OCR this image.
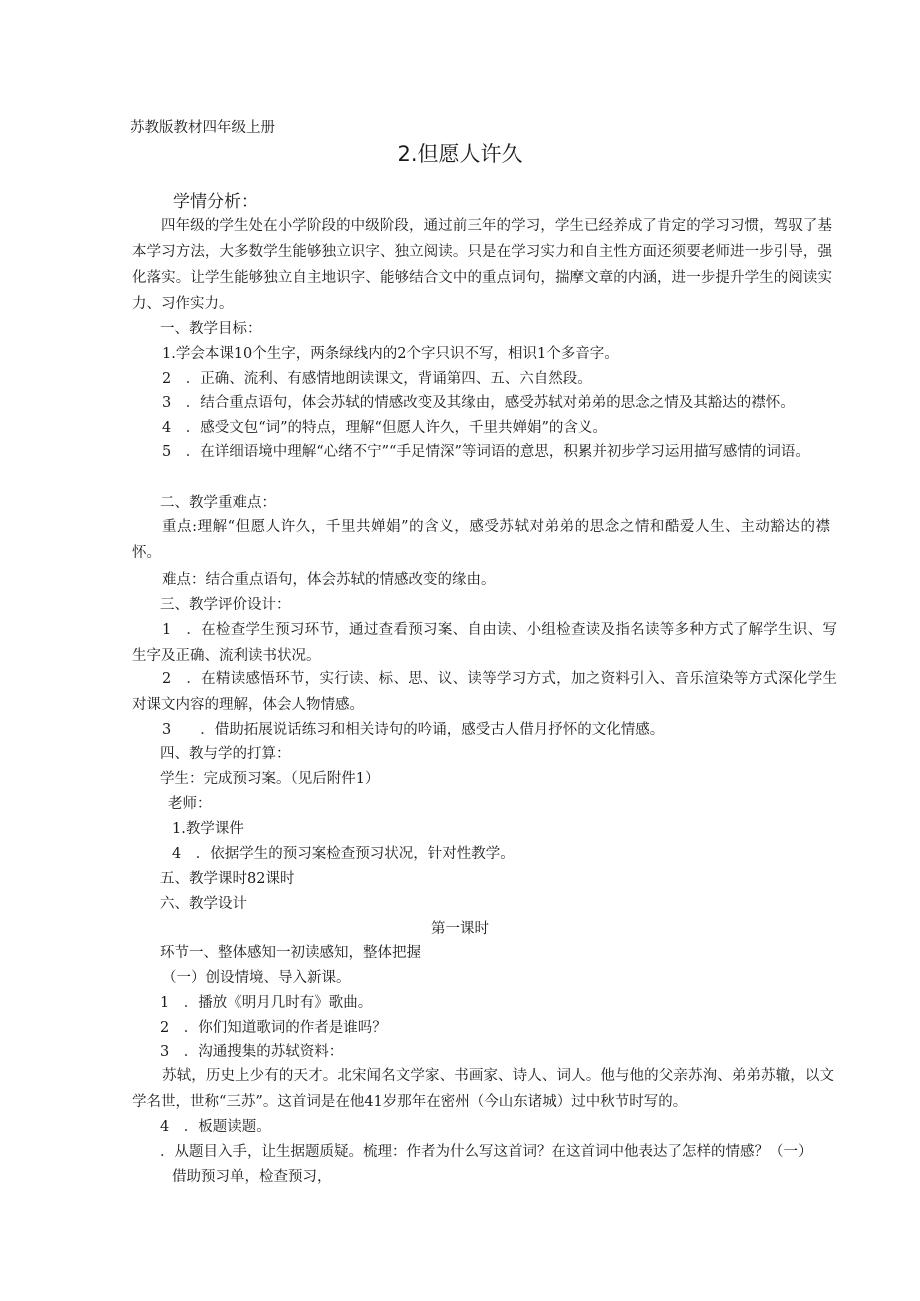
苏教版教材四年级上册
2.但愿人许久
学情分析：
四年级的学生处在小学阶段的中级阶段，通过前三年的学习，学生已经养成了肯定的学习习惯，驾驭了基本学习方法，大多数学生能够独立识字、独立阅读。只是在学习实力和自主性方面还须要老师进一步引导，强化落实。让学生能够独立自主地识字、能够结合文中的重点词句，揣摩文章的内涵，进一步提升学生的阅读实力、习作实力。
一、教学目标：
1.学会本课10个生字，两条绿线内的2个字只识不写，相识1个多音字。
2　．正确、流利、有感情地朗读课文，背诵第四、五、六自然段。
3　．结合重点语句，体会苏轼的情感改变及其缘由，感受苏轼对弟弟的思念之情及其豁达的襟怀。
4　．感受文包“词”的特点，理解“但愿人许久，千里共婵娟”的含义。
5　．在详细语境中理解“心绪不宁”“手足情深”等词语的意思，积累并初步学习运用描写感情的词语。
二、教学重难点：
重点:理解“但愿人许久，千里共婵娟”的含义，感受苏轼对弟弟的思念之情和酷爱人生、主动豁达的襟怀。
难点：结合重点语句，体会苏轼的情感改变的缘由。
三、教学评价设计：
1　．在检查学生预习环节，通过查看预习案、自由读、小组检查读及指名读等多种方式了解学生识、写生字及正确、流利读书状况。
2　．在精读感悟环节，实行读、标、思、议、读等学习方式，加之资料引入、音乐渲染等方式深化学生对课文内容的理解，体会人物情感。
3　　．借助拓展说话练习和相关诗句的吟诵，感受古人借月抒怀的文化情感。
四、教与学的打算：
学生：完成预习案。（见后附件1）
老师：
1.教学课件
4　．依据学生的预习案检查预习状况，针对性教学。
五、教学课时82课时
六、教学设计
第一课时
环节一、整体感知一初读感知，整体把握
（一）创设情境、导入新课。
1　．播放《明月几时有》歌曲。
2　．你们知道歌词的作者是谁吗？
3　．沟通搜集的苏轼资料：
苏轼，历史上少有的天才。北宋闻名文学家、书画家、诗人、词人。他与他的父亲苏洵、弟弟苏辙，以文学名世，世称“三苏”。这首词是在他41岁那年在密州（今山东诸城）过中秋节时写的。
4　．板题读题。
．从题目入手，让生据题质疑。梳理：作者为什么写这首词？在这首词中他表达了怎样的情感？（一）
借助预习单，检查预习，
